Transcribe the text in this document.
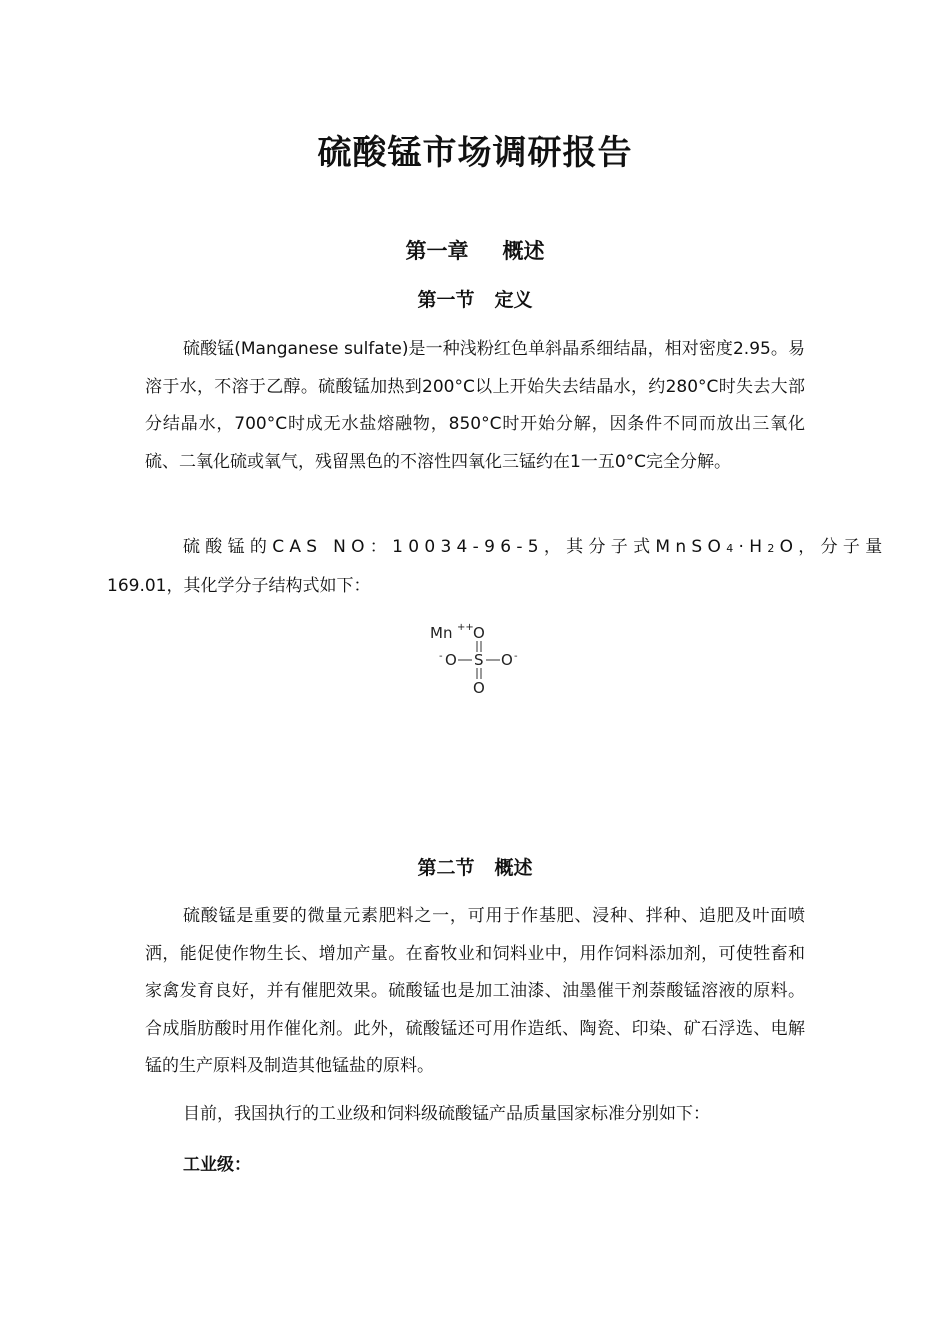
硫酸锰市场调研报告
第一章 概述
第一节 定义

硫酸锰(Manganese sulfate)是一种浅粉红色单斜晶系细结晶，相对密度2.95。易溶于水，不溶于乙醇。硫酸锰加热到200°C以上开始失去结晶水，约280°C时失去大部分结晶水，700°C时成无水盐熔融物，850°C时开始分解，因条件不同而放出三氧化硫、二氧化硫或氧气，残留黑色的不溶性四氧化三锰约在1一五0°C完全分解。

硫酸锰的CAS NO：10034-96-5，其分子式MnSO4·H2O，分子量
169.01，其化学分子结构式如下：
Mn ++ O
- O S O -
O
第二节 概述

硫酸锰是重要的微量元素肥料之一，可用于作基肥、浸种、拌种、追肥及叶面喷洒，能促使作物生长、增加产量。在畜牧业和饲料业中，用作饲料添加剂，可使牲畜和家禽发育良好，并有催肥效果。硫酸锰也是加工油漆、油墨催干剂萘酸锰溶液的原料。合成脂肪酸时用作催化剂。此外，硫酸锰还可用作造纸、陶瓷、印染、矿石浮选、电解锰的生产原料及制造其他锰盐的原料。

目前，我国执行的工业级和饲料级硫酸锰产品质量国家标准分别如下：

工业级：
